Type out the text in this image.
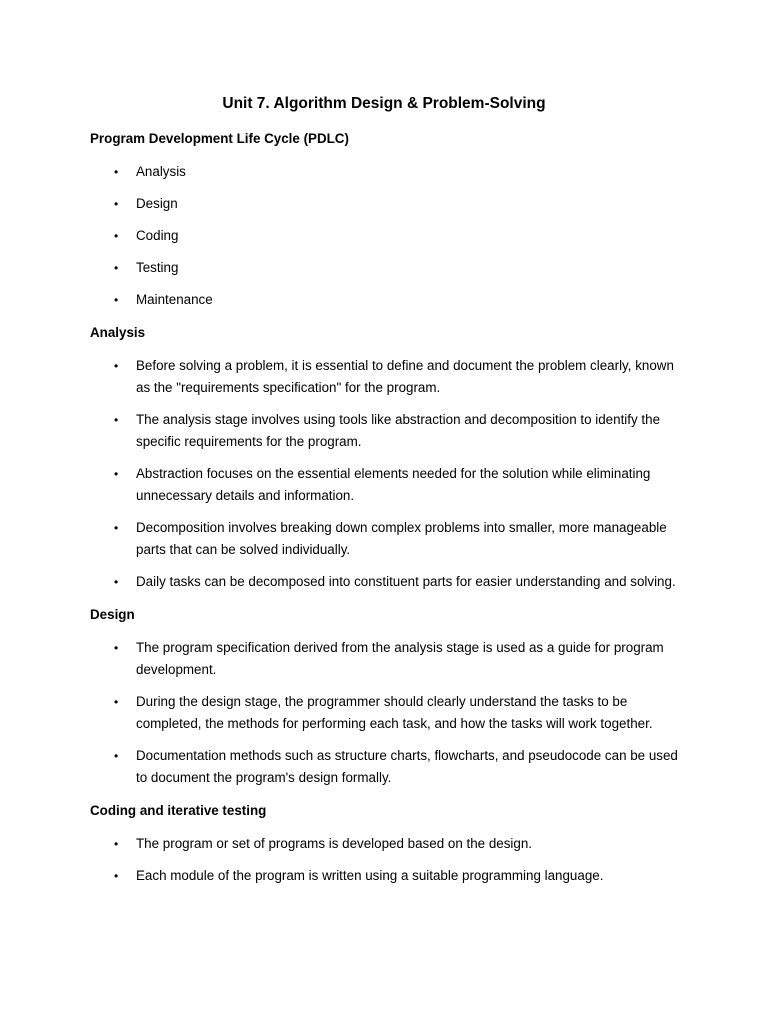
Unit 7. Algorithm Design & Problem-Solving

Program Development Life Cycle (PDLC)

• Analysis
• Design
• Coding
• Testing
• Maintenance

Analysis

• Before solving a problem, it is essential to define and document the problem clearly, known as the "requirements specification" for the program.
• The analysis stage involves using tools like abstraction and decomposition to identify the specific requirements for the program.
• Abstraction focuses on the essential elements needed for the solution while eliminating unnecessary details and information.
• Decomposition involves breaking down complex problems into smaller, more manageable parts that can be solved individually.
• Daily tasks can be decomposed into constituent parts for easier understanding and solving.

Design

• The program specification derived from the analysis stage is used as a guide for program development.
• During the design stage, the programmer should clearly understand the tasks to be completed, the methods for performing each task, and how the tasks will work together.
• Documentation methods such as structure charts, flowcharts, and pseudocode can be used to document the program's design formally.

Coding and iterative testing

• The program or set of programs is developed based on the design.
• Each module of the program is written using a suitable programming language.
